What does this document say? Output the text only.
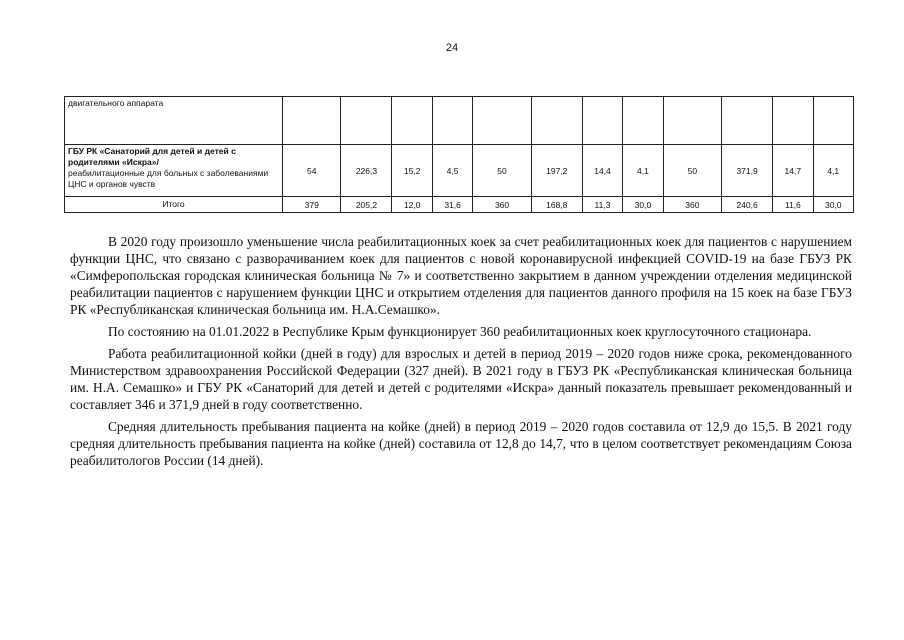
24
двигательного аппарата												
ГБУ РК «Санаторий для детей и детей с родителями «Искра»/
реабилитационные для больных с заболеваниями ЦНС и органов чувств	54	226,3	15,2	4,5	50	197,2	14,4	4,1	50	371,9	14,7	4,1
Итого	379	205,2	12,0	31,6	360	168,8	11,3	30,0	360	240,6	11,6	30,0

В 2020 году произошло уменьшение числа реабилитационных коек за счет реабилитационных коек для пациентов с нарушением функции ЦНС, что связано с разворачиванием коек для пациентов с новой коронавирусной инфекцией COVID-19 на базе ГБУЗ РК «Симферопольская городская клиническая больница № 7» и соответственно закрытием в данном учреждении отделения медицинской реабилитации пациентов с нарушением функции ЦНС и открытием отделения для пациентов данного профиля на 15 коек на базе ГБУЗ РК «Республиканская клиническая больница им. Н.А.Семашко».

По состоянию на 01.01.2022 в Республике Крым функционирует 360 реабилитационных коек круглосуточного стационара.

Работа реабилитационной койки (дней в году) для взрослых и детей в период 2019 – 2020 годов ниже срока, рекомендованного Министерством здравоохранения Российской Федерации (327 дней). В 2021 году в ГБУЗ РК «Республиканская клиническая больница им. Н.А. Семашко» и ГБУ РК «Санаторий для детей и детей с родителями «Искра» данный показатель превышает рекомендованный и составляет 346 и 371,9 дней в году соответственно.

Средняя длительность пребывания пациента на койке (дней) в период 2019 – 2020 годов составила от 12,9 до 15,5. В 2021 году средняя длительность пребывания пациента на койке (дней) составила от 12,8 до 14,7, что в целом соответствует рекомендациям Союза реабилитологов России (14 дней).
